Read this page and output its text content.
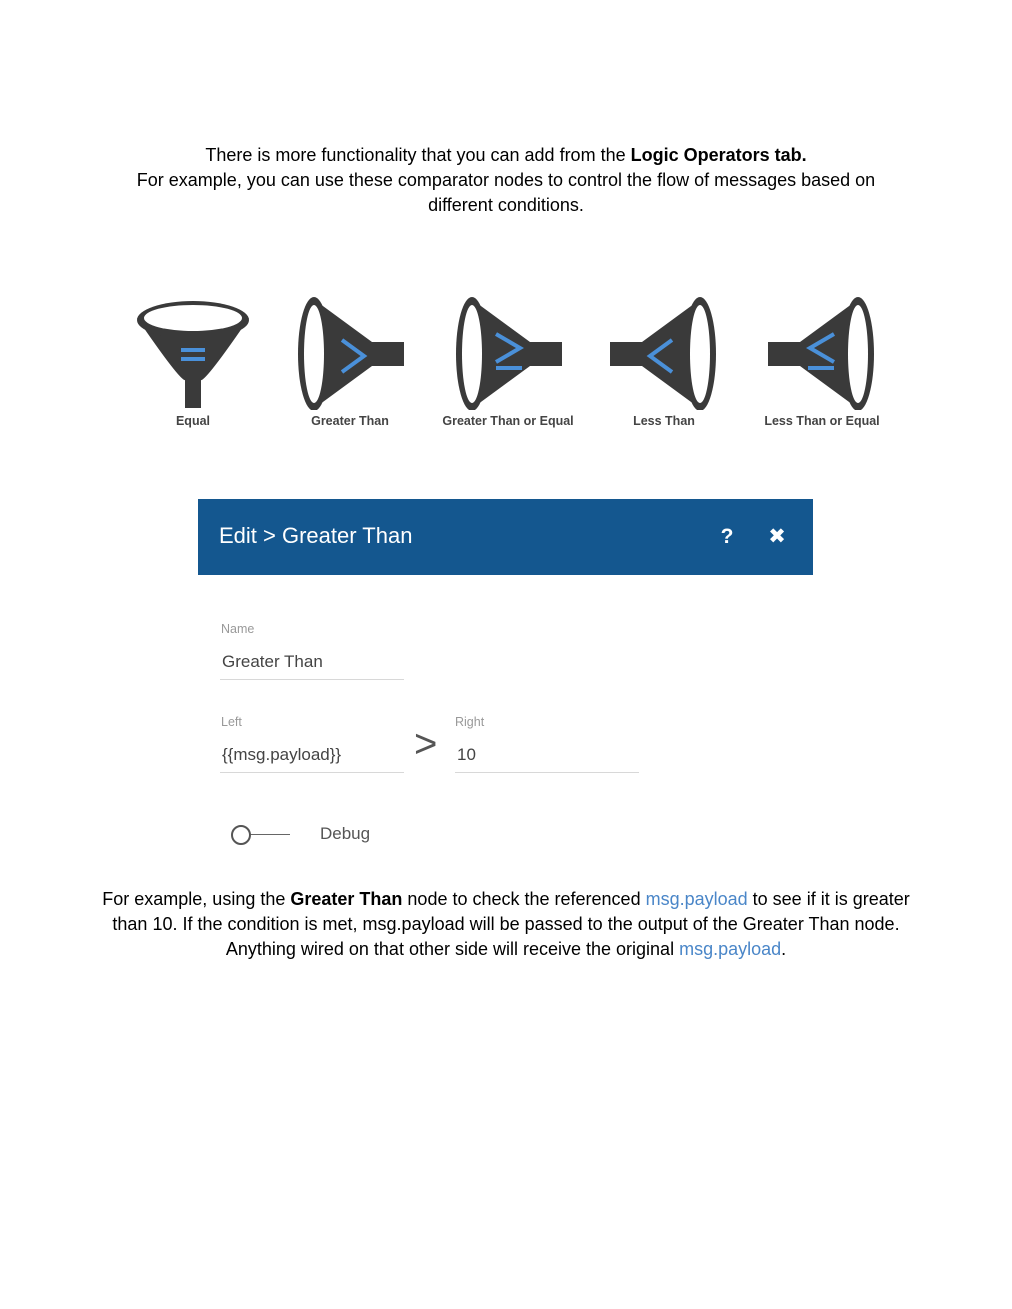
There is more functionality that you can add from the Logic Operators tab.
For example, you can use these comparator nodes to control the flow of messages based on different conditions.
Equal	Greater Than	Greater Than or Equal	Less Than	Less Than or Equal
Edit > Greater Than	?	✖
Name
Greater Than
Left
{{msg.payload}} > Right
10
Debug
For example, using the Greater Than node to check the referenced msg.payload to see if it is greater than 10. If the condition is met, msg.payload will be passed to the output of the Greater Than node. Anything wired on that other side will receive the original msg.payload.
